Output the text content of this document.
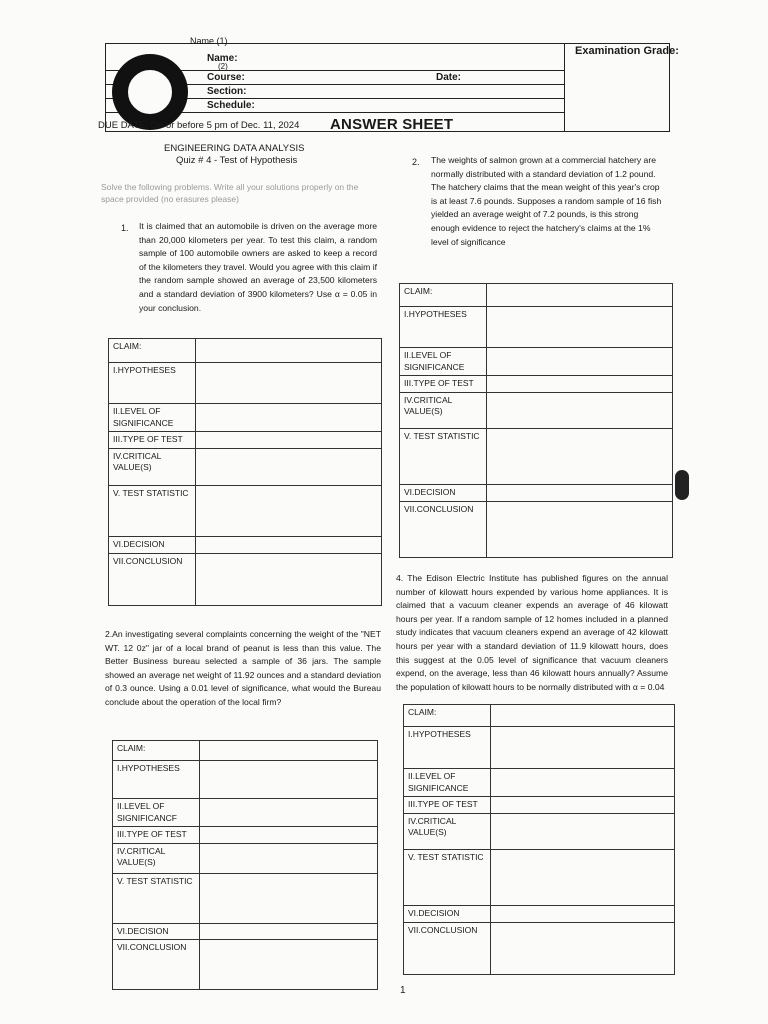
Name (1)
Name:
(2)
Course:	Date:
Section:
Schedule:
Examination Grade:
DUE DATE: On or before 5 pm of Dec. 11, 2024 ANSWER SHEET
ENGINEERING DATA ANALYSIS
Quiz # 4 - Test of Hypothesis
Solve the following problems. Write all your solutions properly on the space provided (no erasures please)
1. It is claimed that an automobile is driven on the average more than 20,000 kilometers per year. To test this claim, a random sample of 100 automobile owners are asked to keep a record of the kilometers they travel. Would you agree with this claim if the random sample showed an average of 23,500 kilometers and a standard deviation of 3900 kilometers? Use α = 0.05 in your conclusion.
CLAIM:	
I.HYPOTHESES	
II.LEVEL OF SIGNIFICANCE	
III.TYPE OF TEST	
IV.CRITICAL VALUE(S)	
V. TEST STATISTIC	
VI.DECISION	
VII.CONCLUSION	
2. The weights of salmon grown at a commercial hatchery are normally distributed with a standard deviation of 1.2 pound. The hatchery claims that the mean weight of this year's crop is at least 7.6 pounds. Supposes a random sample of 16 fish yielded an average weight of 7.2 pounds, is this strong enough evidence to reject the hatchery's claims at the 1% level of significance
CLAIM:	
I.HYPOTHESES	
II.LEVEL OF SIGNIFICANCE	
III.TYPE OF TEST	
IV.CRITICAL VALUE(S)	
V. TEST STATISTIC	
VI.DECISION	
VII.CONCLUSION	
2.An investigating several complaints concerning the weight of the "NET WT. 12 0z" jar of a local brand of peanut is less than this value. The Better Business bureau selected a sample of 36 jars. The sample showed an average net weight of 11.92 ounces and a standard deviation of 0.3 ounce. Using a 0.01 level of significance, what would the Bureau conclude about the operation of the local firm?
CLAIM:	
I.HYPOTHESES	
II.LEVEL OF SIGNIFICANCF	
III.TYPE OF TEST	
IV.CRITICAL VALUE(S)	
V. TEST STATISTIC	
VI.DECISION	
VII.CONCLUSION	
4. The Edison Electric Institute has published figures on the annual number of kilowatt hours expended by various home appliances. It is claimed that a vacuum cleaner expends an average of 46 kilowatt hours per year. If a random sample of 12 homes included in a planned study indicates that vacuum cleaners expend an average of 42 kilowatt hours per year with a standard deviation of 11.9 kilowatt hours, does this suggest at the 0.05 level of significance that vacuum cleaners expend, on the average, less than 46 kilowatt hours annually? Assume the population of kilowatt hours to be normally distributed with α = 0.04
CLAIM:	
I.HYPOTHESES	
II.LEVEL OF SIGNIFICANCE	
III.TYPE OF TEST	
IV.CRITICAL VALUE(S)	
V. TEST STATISTIC	
VI.DECISION	
VII.CONCLUSION	
1
